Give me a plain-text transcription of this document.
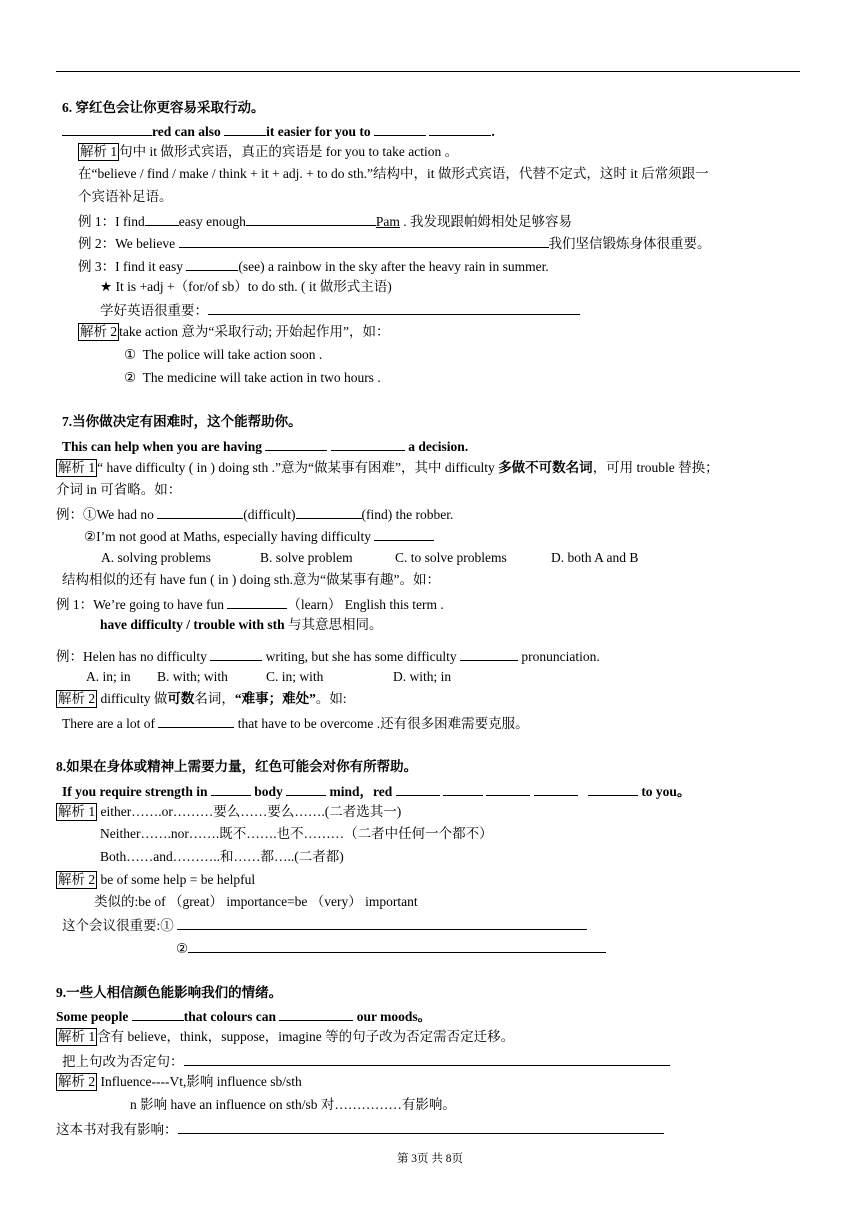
6. 穿红色会让你更容易采取行动。
red can also	it easier for you to	.
解析 1 句中 it 做形式宾语，真正的宾语是 for you to take action 。
在“believe / find / make / think + it + adj. + to do sth.”结构中，it 做形式宾语，代替不定式，这时 it 后常须跟一
个宾语补足语。
例 1：I find	easy enough	Pam . 我发现跟帕姆相处足够容易
例 2：We believe	我们坚信锻炼身体很重要。
例 3：I find it easy	(see) a rainbow in the sky after the heavy rain in summer.
★ It is +adj +（for/of sb）to do sth. ( it 做形式主语)
学好英语很重要：
解析 2 take action 意为“采取行动; 开始起作用”，如：
① The police will take action soon .
② The medicine will take action in two hours .
7.当你做决定有困难时，这个能帮助你。
This can help when you are having	a decision.
解析 1 “ have difficulty ( in ) doing sth .”意为“做某事有困难”，其中 difficulty 多做不可数名词，可用 trouble 替换；
介词 in 可省略。如：
例：①We had no	(difficult)	(find) the robber.
②I’m not good at Maths, especially having difficulty
A. solving problems	B. solve problem	C. to solve problems	D. both A and B
结构相似的还有 have fun ( in ) doing sth.意为“做某事有趣”。如：
例 1：We’re going to have fun	（learn） English this term .
have difficulty / trouble with sth 与其意思相同。
例：Helen has no difficulty	writing, but she has some difficulty	pronunciation.
A. in; in B. with; with	C. in; with	D. with; in
解析 2 difficulty 做可数名词，“难事；难处”。如:
There are a lot of	that have to be overcome .还有很多困难需要克服。
8.如果在身体或精神上需要力量，红色可能会对你有所帮助。
If you require strength in	body	mind，red	to you。
解析 1 either…….or………要么……要么…….(二者选其一)
Neither…….nor…….既不…….也不………（二者中任何一个都不）
Both……and………..和……都…..(二者都)
解析 2 be of some help = be helpful
类似的:be of （great） importance=be （very） important
这个会议很重要:①
②
9.一些人相信颜色能影响我们的情绪。
Some people	that colours can	our moods。
解析 1 含有 believe，think，suppose，imagine 等的句子改为否定需否定迁移。
把上句改为否定句：
解析 2 Influence----Vt,影响 influence sb/sth
n 影响 have an influence on sth/sb 对……………有影响。
这本书对我有影响：
第 3页 共 8页
